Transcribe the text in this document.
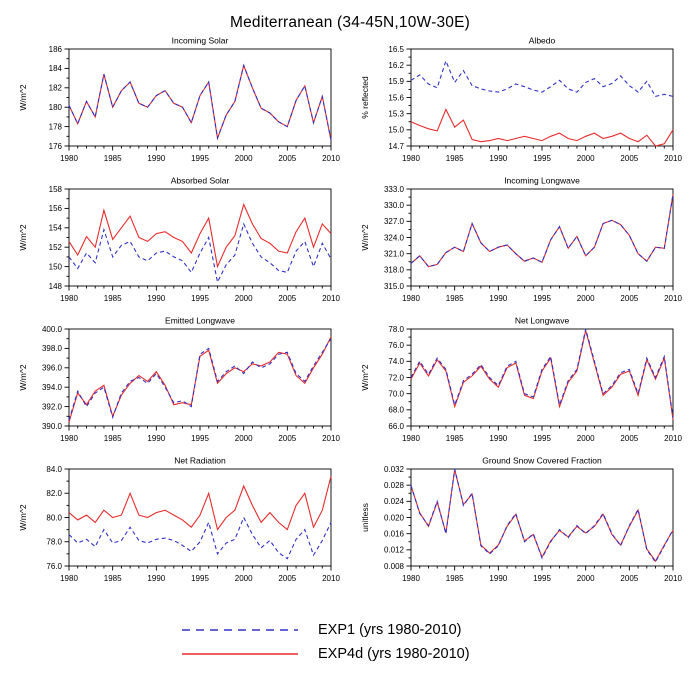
Mediterranean (34-45N,10W-30E)
1980	1985	1990	1995	2000	2005	2010
176
178
180
182
184
186
Incoming Solar
W/m^2
1980	1985	1990	1995	2000	2005	2010
14.7
15.0
15.3
15.6
15.9
16.2
16.5
Albedo
% reflected
1980	1985	1990	1995	2000	2005	2010
148
150
152
154
156
158
Absorbed Solar
W/m^2
1980	1985	1990	1995	2000	2005	2010
315.0
318.0
321.0
324.0
327.0
330.0
333.0
Incoming Longwave
W/m^2
1980	1985	1990	1995	2000	2005	2010
390.0
392.0
394.0
396.0
398.0
400.0
Emitted Longwave
W/m^2
1980	1985	1990	1995	2000	2005	2010
66.0
68.0
70.0
72.0
74.0
76.0
78.0
Net Longwave
W/m^2
1980	1985	1990	1995	2000	2005	2010
76.0
78.0
80.0
82.0
84.0
Net Radiation
W/m^2
1980	1985	1990	1995	2000	2005	2010
0.008
0.012
0.016
0.020
0.024
0.028
0.032
Ground Snow Covered Fraction
unitless
EXP1 (yrs 1980-2010)
EXP4d (yrs 1980-2010)
